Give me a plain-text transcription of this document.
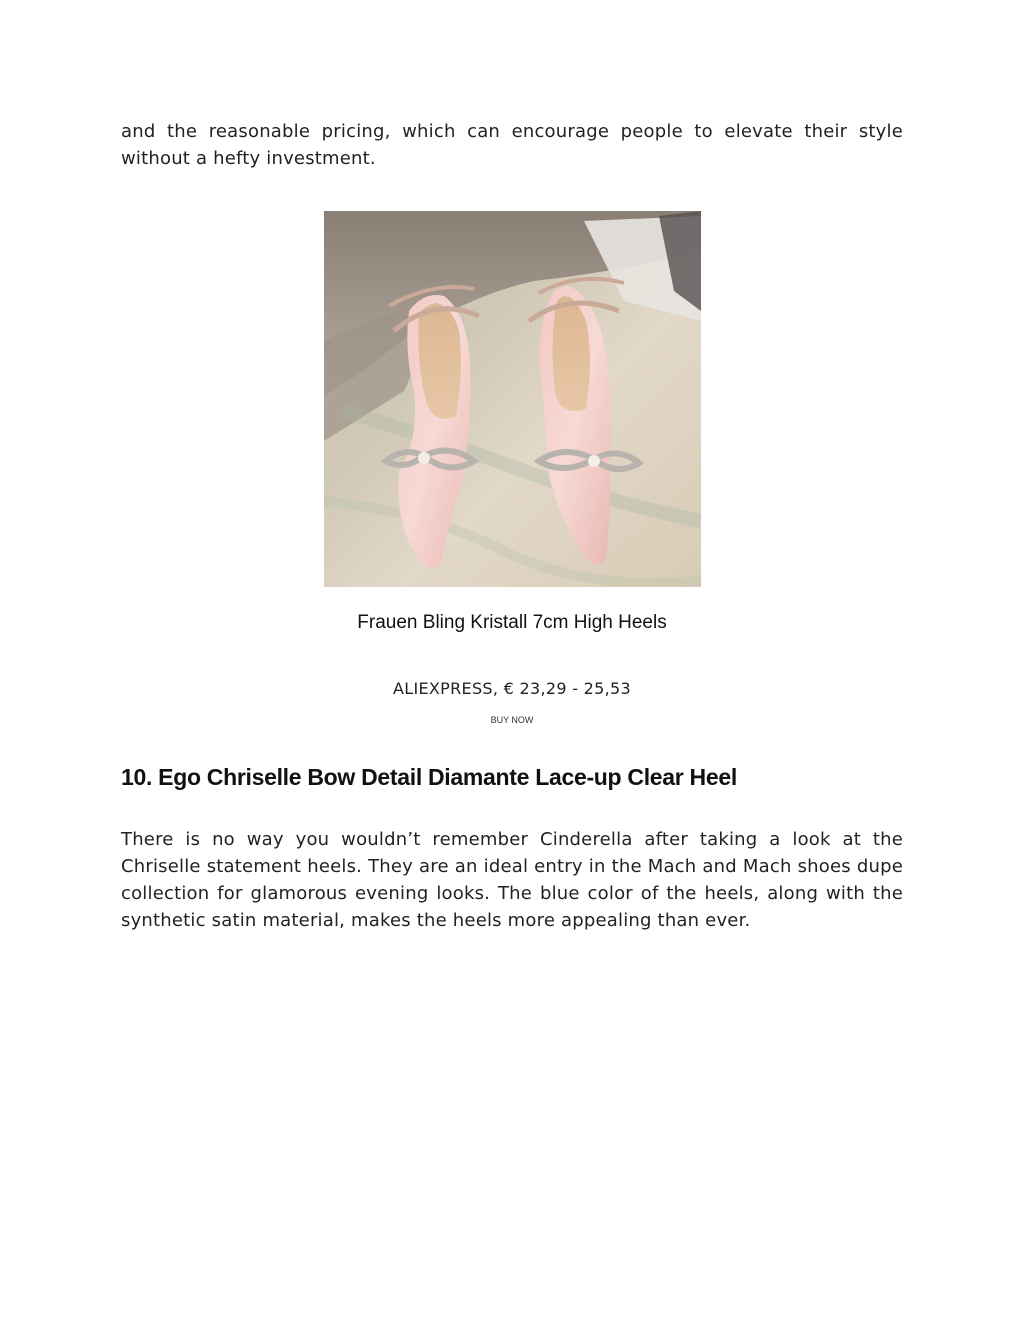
and the reasonable pricing, which can encourage people to elevate their style without a hefty investment.

Frauen Bling Kristall 7cm High Heels
ALIEXPRESS, € 23,29 - 25,53
BUY NOW
10. Ego Chriselle Bow Detail Diamante Lace-up Clear Heel

There is no way you wouldn’t remember Cinderella after taking a look at the Chriselle statement heels. They are an ideal entry in the Mach and Mach shoes dupe collection for glamorous evening looks. The blue color of the heels, along with the synthetic satin material, makes the heels more appealing than ever.
